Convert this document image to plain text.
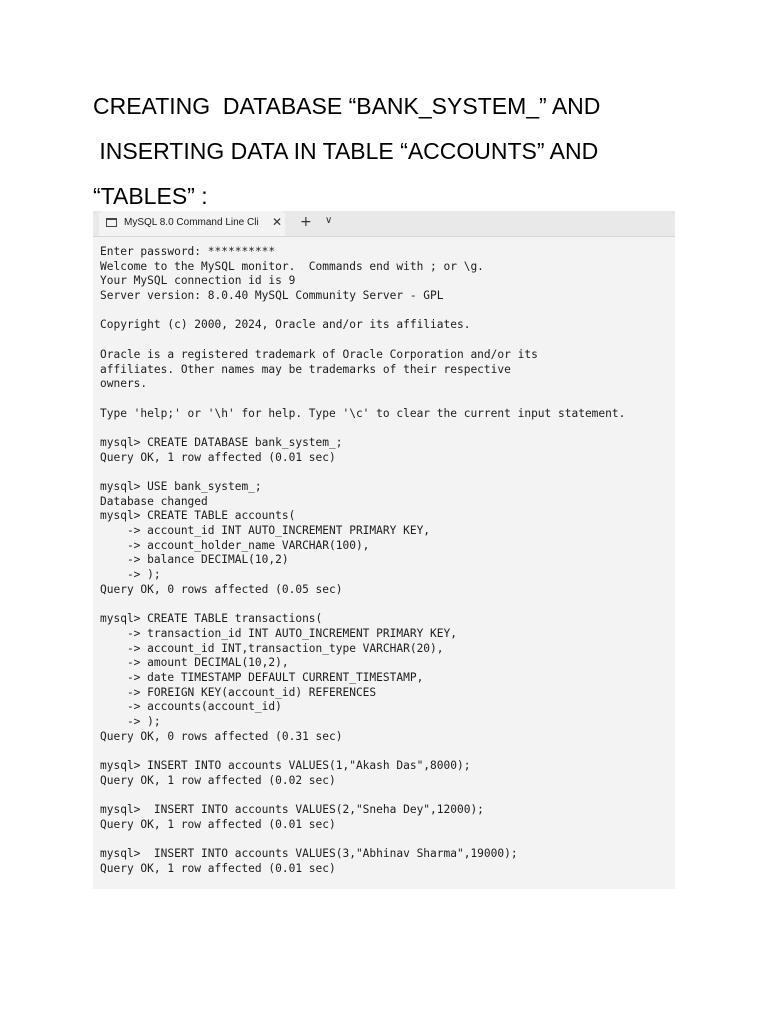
CREATING  DATABASE “BANK_SYSTEM_” AND
INSERTING DATA IN TABLE “ACCOUNTS” AND
“TABLES” :
MySQL 8.0 Command Line Cli ✕ + ∨
Enter password: **********
Welcome to the MySQL monitor.  Commands end with ; or \g.
Your MySQL connection id is 9
Server version: 8.0.40 MySQL Community Server - GPL
Copyright (c) 2000, 2024, Oracle and/or its affiliates.
Oracle is a registered trademark of Oracle Corporation and/or its
affiliates. Other names may be trademarks of their respective
owners.
Type 'help;' or '\h' for help. Type '\c' to clear the current input statement.
mysql> CREATE DATABASE bank_system_;
Query OK, 1 row affected (0.01 sec)
mysql> USE bank_system_;
Database changed
mysql> CREATE TABLE accounts(
-> account_id INT AUTO_INCREMENT PRIMARY KEY,
-> account_holder_name VARCHAR(100),
-> balance DECIMAL(10,2)
-> );
Query OK, 0 rows affected (0.05 sec)
mysql> CREATE TABLE transactions(
-> transaction_id INT AUTO_INCREMENT PRIMARY KEY,
-> account_id INT,transaction_type VARCHAR(20),
-> amount DECIMAL(10,2),
-> date TIMESTAMP DEFAULT CURRENT_TIMESTAMP,
-> FOREIGN KEY(account_id) REFERENCES
-> accounts(account_id)
-> );
Query OK, 0 rows affected (0.31 sec)
mysql> INSERT INTO accounts VALUES(1,"Akash Das",8000);
Query OK, 1 row affected (0.02 sec)
mysql>  INSERT INTO accounts VALUES(2,"Sneha Dey",12000);
Query OK, 1 row affected (0.01 sec)
mysql>  INSERT INTO accounts VALUES(3,"Abhinav Sharma",19000);
Query OK, 1 row affected (0.01 sec)
